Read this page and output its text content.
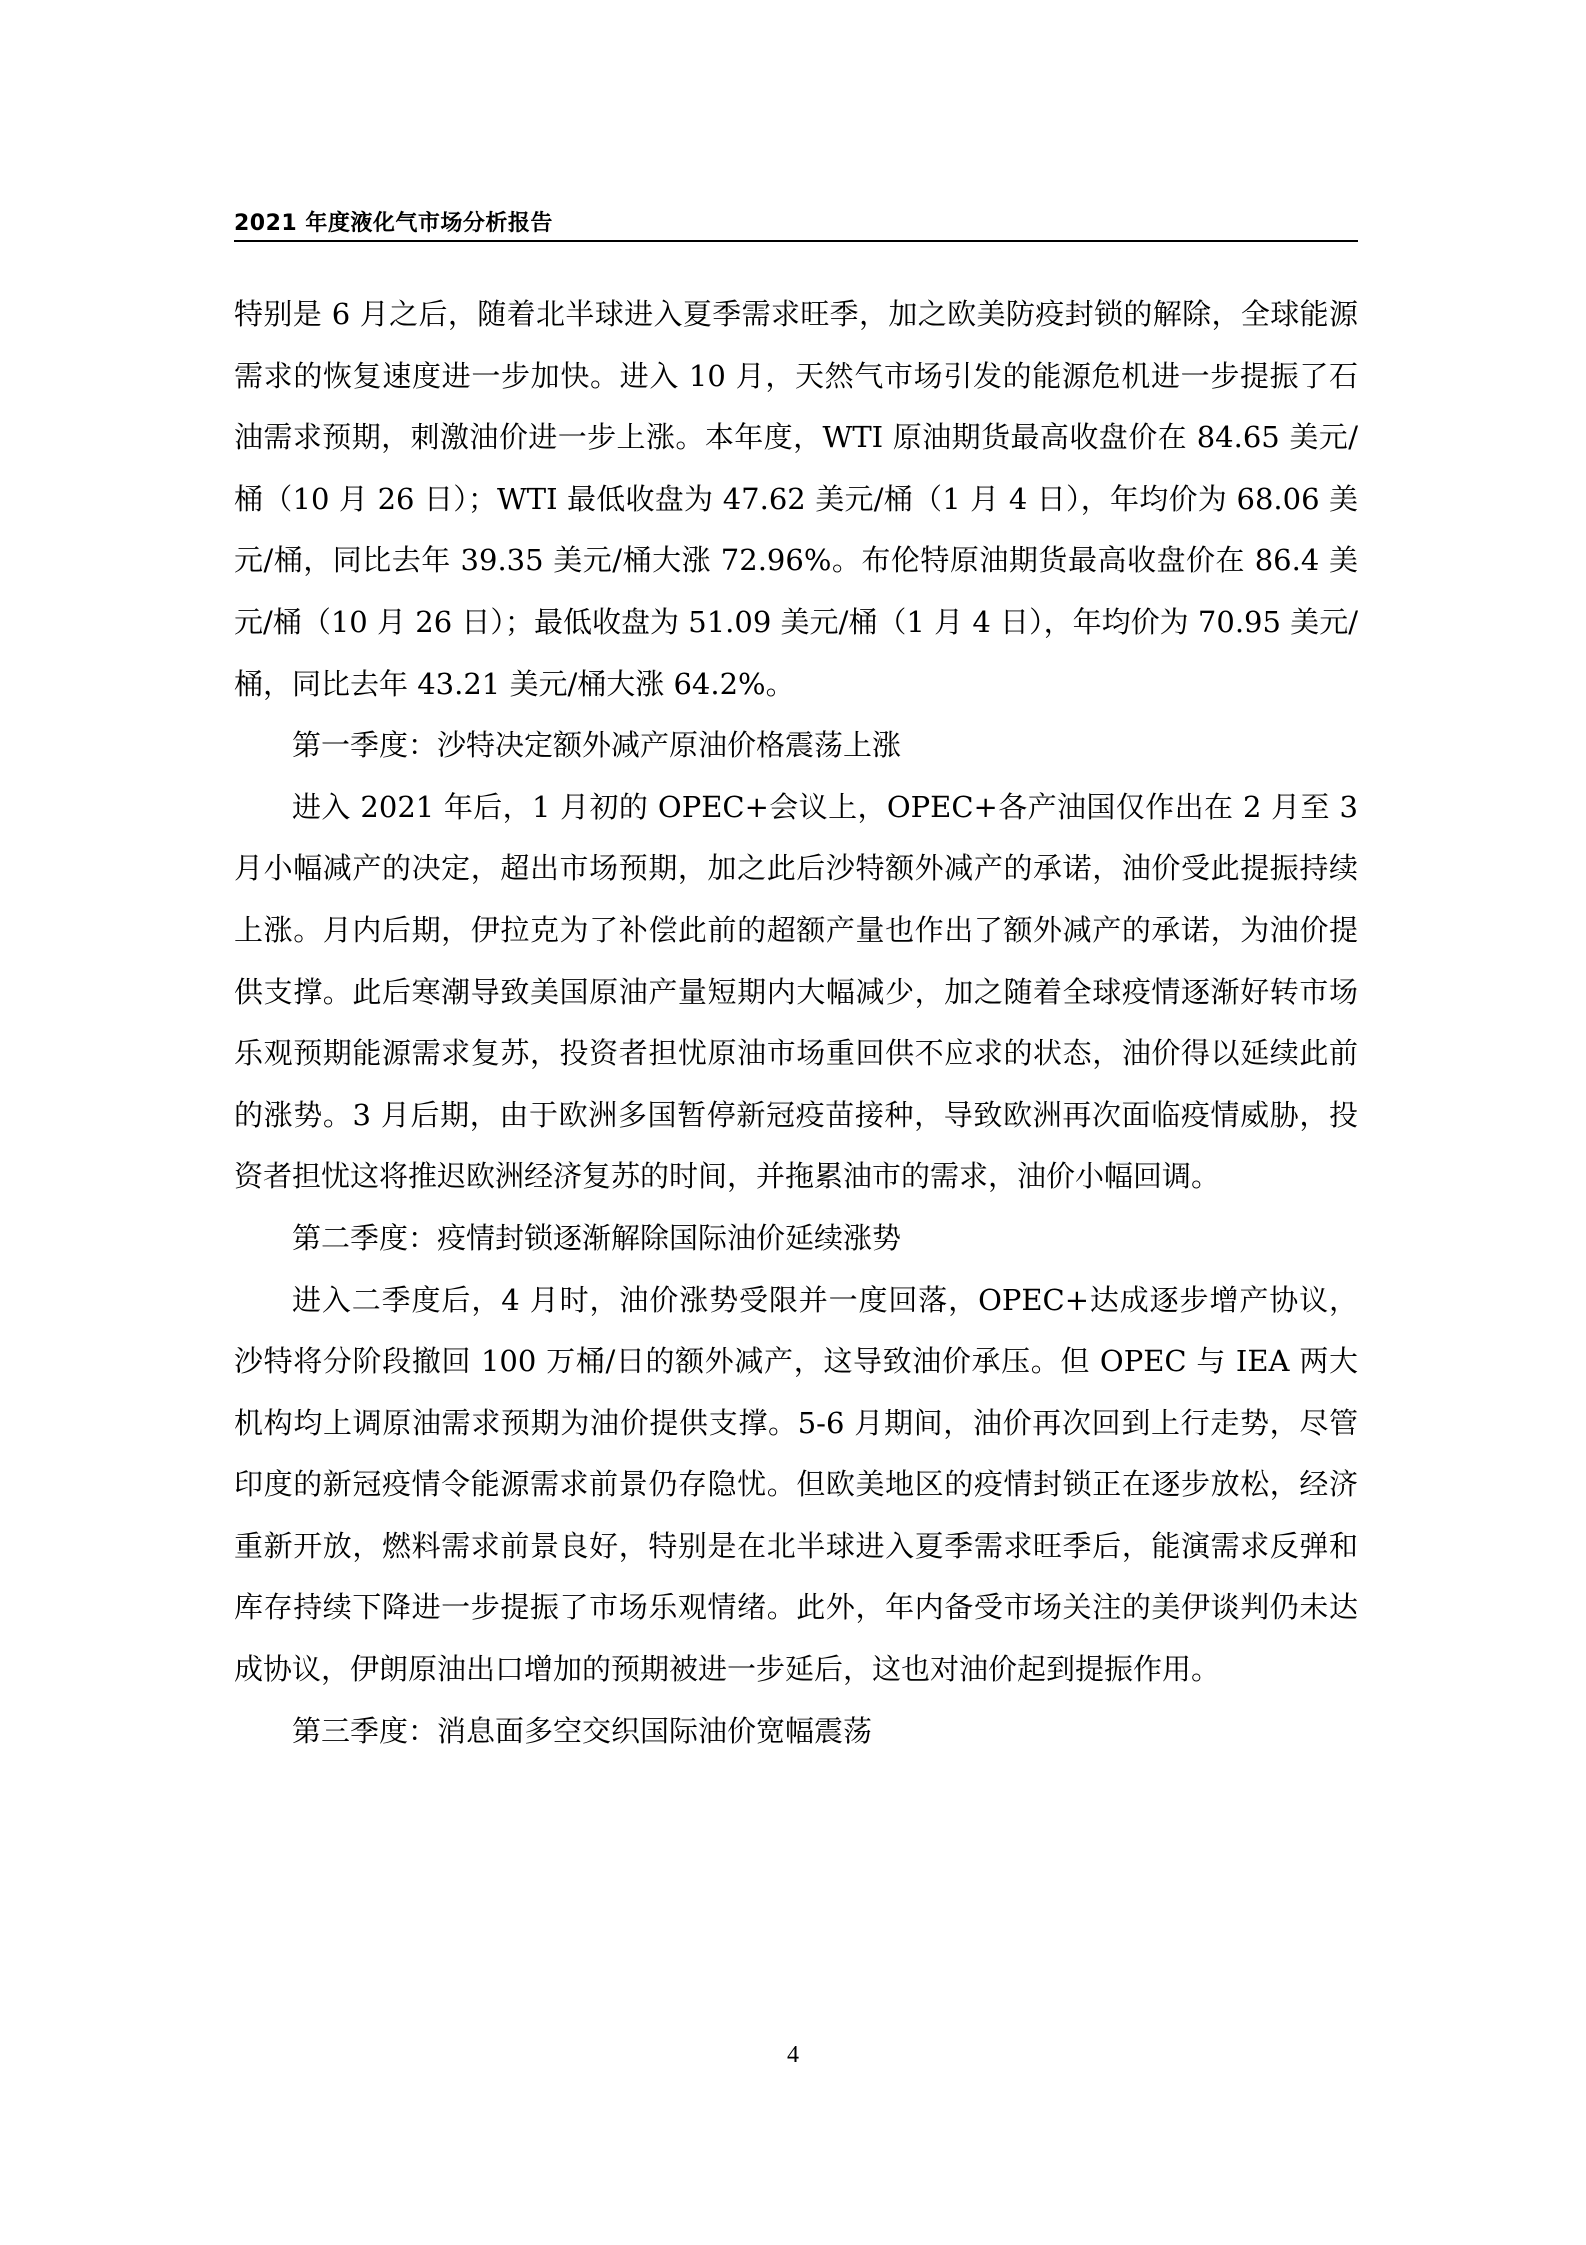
2021 年度液化气市场分析报告

特别是 6 月之后，随着北半球进入夏季需求旺季，加之欧美防疫封锁的解除，全球能源需求的恢复速度进一步加快。进入 10 月，天然气市场引发的能源危机进一步提振了石油需求预期，刺激油价进一步上涨。本年度，WTI 原油期货最高收盘价在 84.65 美元/桶（10 月 26 日）；WTI 最低收盘为 47.62 美元/桶（1 月 4 日），年均价为 68.06 美元/桶，同比去年 39.35 美元/桶大涨 72.96%。布伦特原油期货最高收盘价在 86.4 美元/桶（10 月 26 日）；最低收盘为 51.09 美元/桶（1 月 4 日），年均价为 70.95 美元/桶，同比去年 43.21 美元/桶大涨 64.2%。

第一季度：沙特决定额外减产原油价格震荡上涨

进入 2021 年后，1 月初的 OPEC+会议上，OPEC+各产油国仅作出在 2 月至 3 月小幅减产的决定，超出市场预期，加之此后沙特额外减产的承诺，油价受此提振持续上涨。月内后期，伊拉克为了补偿此前的超额产量也作出了额外减产的承诺，为油价提供支撑。此后寒潮导致美国原油产量短期内大幅减少，加之随着全球疫情逐渐好转市场乐观预期能源需求复苏，投资者担忧原油市场重回供不应求的状态，油价得以延续此前的涨势。3 月后期，由于欧洲多国暂停新冠疫苗接种，导致欧洲再次面临疫情威胁，投资者担忧这将推迟欧洲经济复苏的时间，并拖累油市的需求，油价小幅回调。

第二季度：疫情封锁逐渐解除国际油价延续涨势

进入二季度后，4 月时，油价涨势受限并一度回落，OPEC+达成逐步增产协议，沙特将分阶段撤回 100 万桶/日的额外减产，这导致油价承压。但 OPEC 与 IEA 两大机构均上调原油需求预期为油价提供支撑。5-6 月期间，油价再次回到上行走势，尽管印度的新冠疫情令能源需求前景仍存隐忧。但欧美地区的疫情封锁正在逐步放松，经济重新开放，燃料需求前景良好，特别是在北半球进入夏季需求旺季后，能演需求反弹和库存持续下降进一步提振了市场乐观情绪。此外，年内备受市场关注的美伊谈判仍未达成协议，伊朗原油出口增加的预期被进一步延后，这也对油价起到提振作用。

第三季度：消息面多空交织国际油价宽幅震荡

4
